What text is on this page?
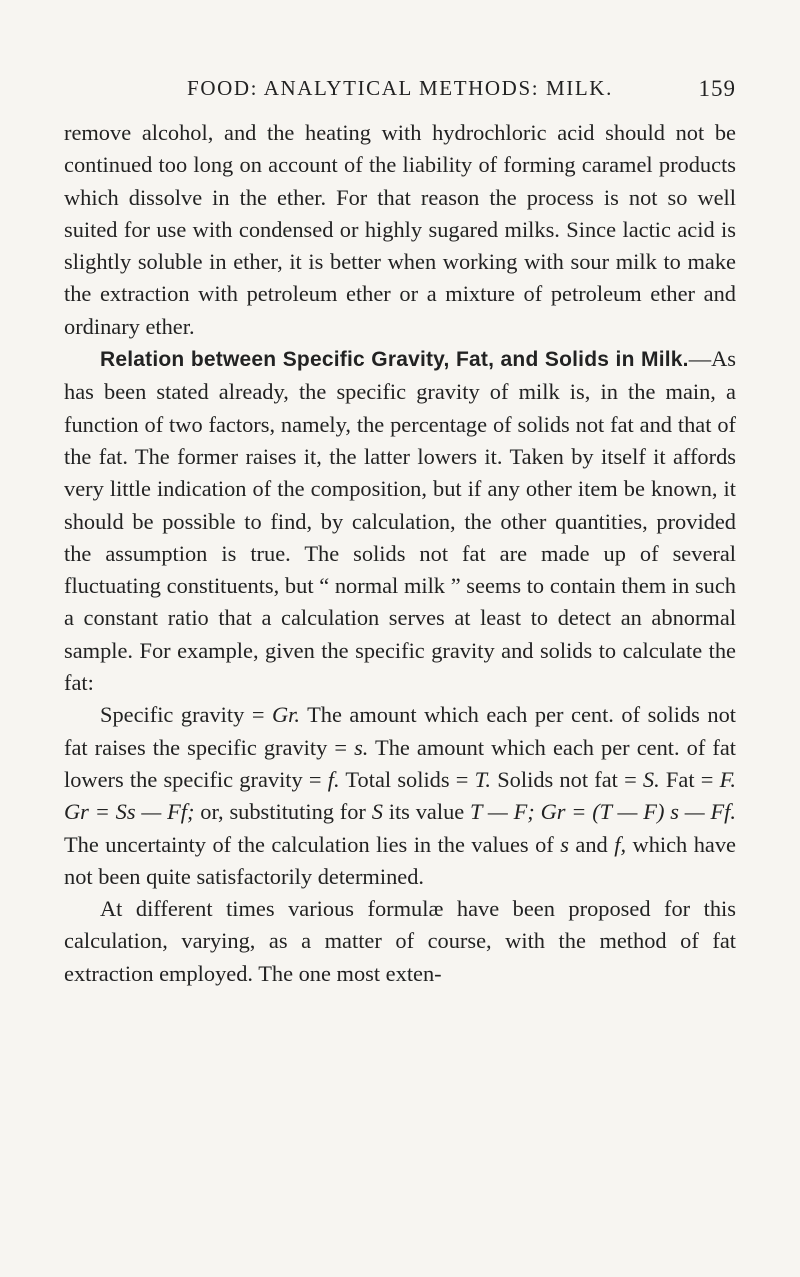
FOOD: ANALYTICAL METHODS: MILK.	159

remove alcohol, and the heating with hydrochloric acid should not be continued too long on account of the liability of forming caramel products which dissolve in the ether. For that reason the process is not so well suited for use with condensed or highly sugared milks. Since lactic acid is slightly soluble in ether, it is better when working with sour milk to make the extraction with petroleum ether or a mixture of petroleum ether and ordinary ether.

Relation between Specific Gravity, Fat, and Solids in Milk.—As has been stated already, the specific gravity of milk is, in the main, a function of two factors, namely, the percentage of solids not fat and that of the fat. The former raises it, the latter lowers it. Taken by itself it affords very little indication of the composition, but if any other item be known, it should be possible to find, by calculation, the other quantities, provided the assumption is true. The solids not fat are made up of several fluctuating constituents, but “ normal milk ” seems to contain them in such a constant ratio that a calculation serves at least to detect an abnormal sample. For example, given the specific gravity and solids to calculate the fat:

Specific gravity = Gr. The amount which each per cent. of solids not fat raises the specific gravity = s. The amount which each per cent. of fat lowers the specific gravity = f. Total solids = T. Solids not fat = S. Fat = F. Gr = Ss — Ff; or, substituting for S its value T — F; Gr = (T — F) s — Ff. The uncertainty of the calculation lies in the values of s and f, which have not been quite satisfactorily determined.

At different times various formulæ have been proposed for this calculation, varying, as a matter of course, with the method of fat extraction employed. The one most exten-
